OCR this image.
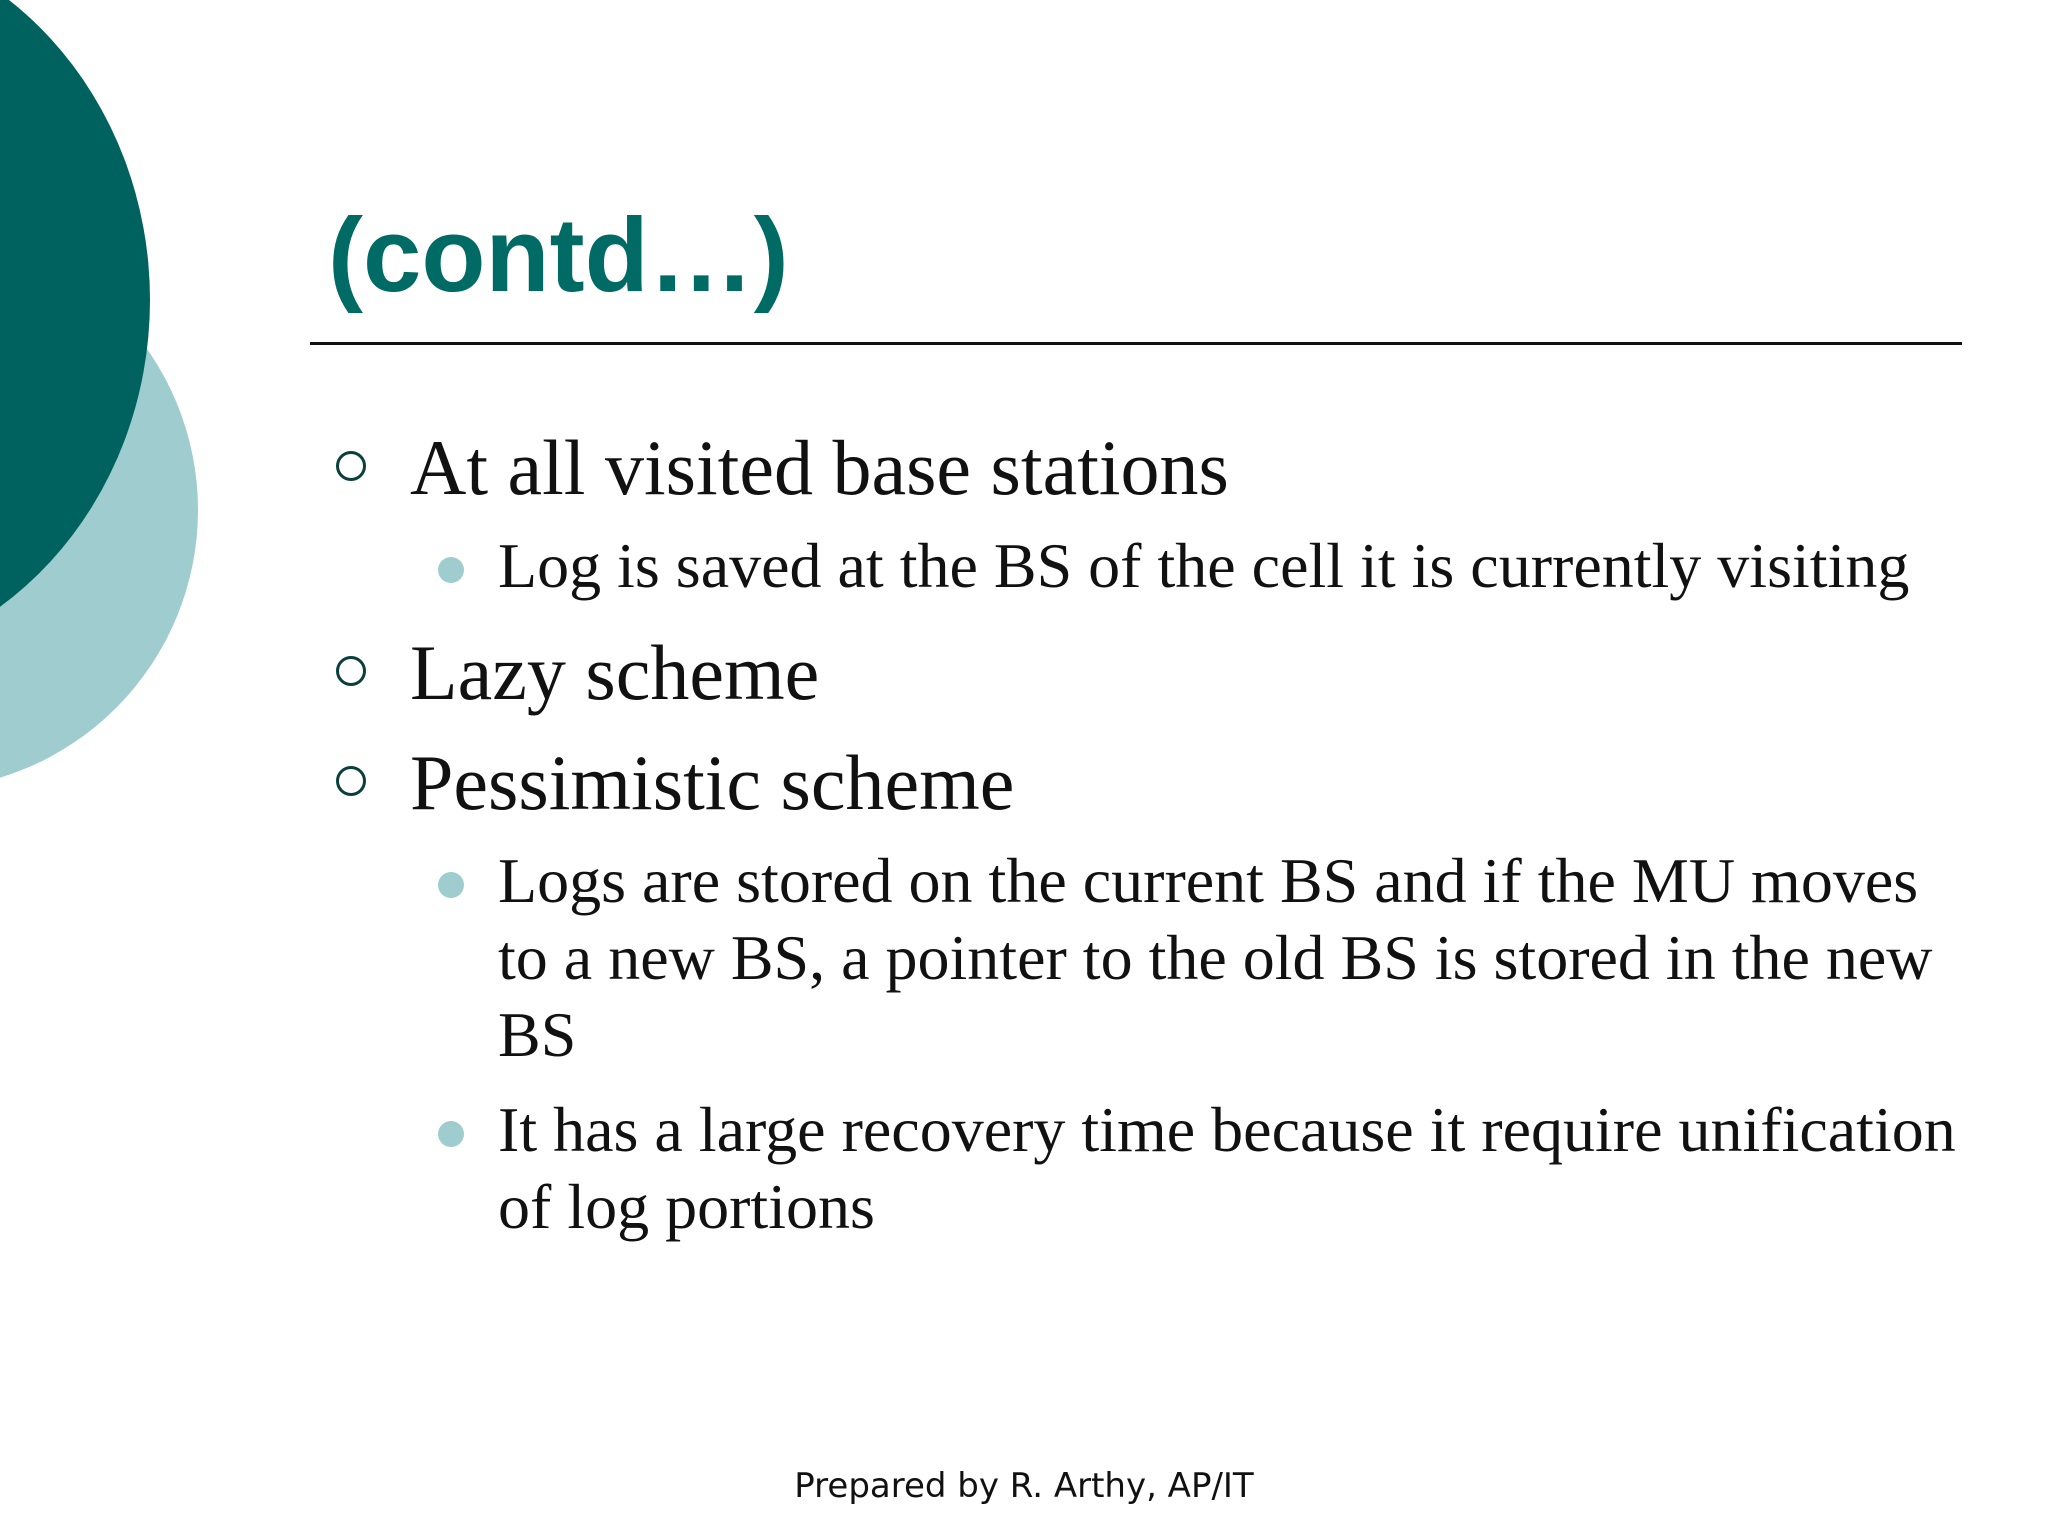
(contd…)
At all visited base stations
Log is saved at the BS of the cell it is currently visiting
Lazy scheme
Pessimistic scheme
Logs are stored on the current BS and if the MU moves to a new BS, a pointer to the old BS is stored in the new BS
It has a large recovery time because it require unification of log portions
Prepared by R. Arthy, AP/IT
